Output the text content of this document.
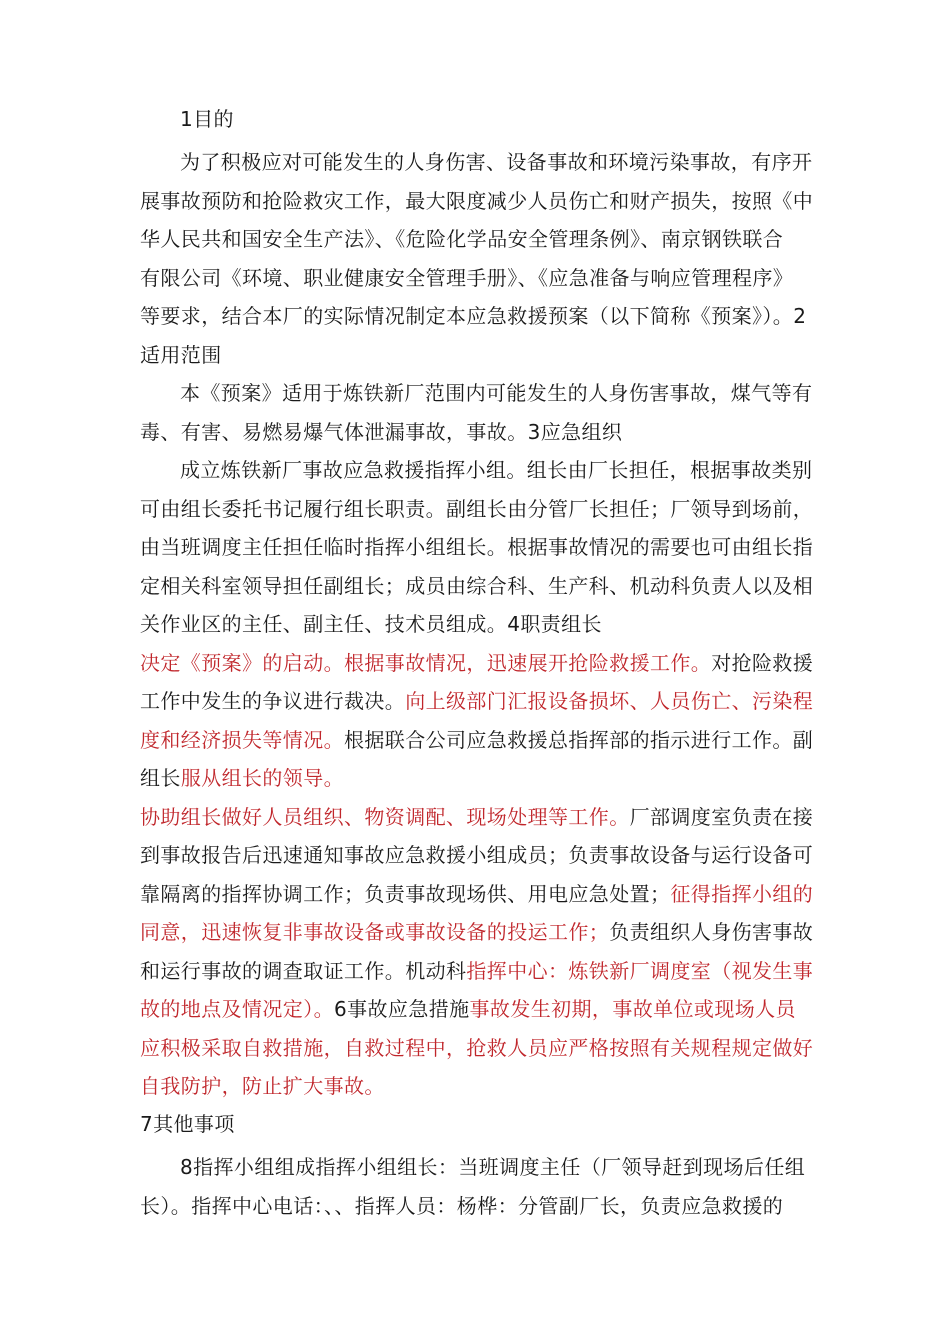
1目的
为了积极应对可能发生的人身伤害、设备事故和环境污染事故，有序开
展事故预防和抢险救灾工作，最大限度减少人员伤亡和财产损失，按照《中
华人民共和国安全生产法》、《危险化学品安全管理条例》、南京钢铁联合
有限公司《环境、职业健康安全管理手册》、《应急准备与响应管理程序》
等要求，结合本厂的实际情况制定本应急救援预案（以下简称《预案》）。2
适用范围
本《预案》适用于炼铁新厂范围内可能发生的人身伤害事故，煤气等有
毒、有害、易燃易爆气体泄漏事故，事故。3应急组织
成立炼铁新厂事故应急救援指挥小组。组长由厂长担任，根据事故类别
可由组长委托书记履行组长职责。副组长由分管厂长担任；厂领导到场前，
由当班调度主任担任临时指挥小组组长。根据事故情况的需要也可由组长指
定相关科室领导担任副组长；成员由综合科、生产科、机动科负责人以及相
关作业区的主任、副主任、技术员组成。4职责组长
决定《预案》的启动。根据事故情况，迅速展开抢险救援工作。对抢险救援
工作中发生的争议进行裁决。向上级部门汇报设备损坏、人员伤亡、污染程
度和经济损失等情况。根据联合公司应急救援总指挥部的指示进行工作。副
组长服从组长的领导。
协助组长做好人员组织、物资调配、现场处理等工作。厂部调度室负责在接
到事故报告后迅速通知事故应急救援小组成员；负责事故设备与运行设备可
靠隔离的指挥协调工作；负责事故现场供、用电应急处置；征得指挥小组的
同意，迅速恢复非事故设备或事故设备的投运工作；负责组织人身伤害事故
和运行事故的调查取证工作。机动科指挥中心：炼铁新厂调度室（视发生事
故的地点及情况定）。6事故应急措施事故发生初期，事故单位或现场人员
应积极采取自救措施，自救过程中，抢救人员应严格按照有关规程规定做好
自我防护，防止扩大事故。
8指挥小组组成指挥小组组长：当班调度主任（厂领导赶到现场后任组
长）。指挥中心电话：、、指挥人员：杨桦：分管副厂长，负责应急救援的
7其他事项
